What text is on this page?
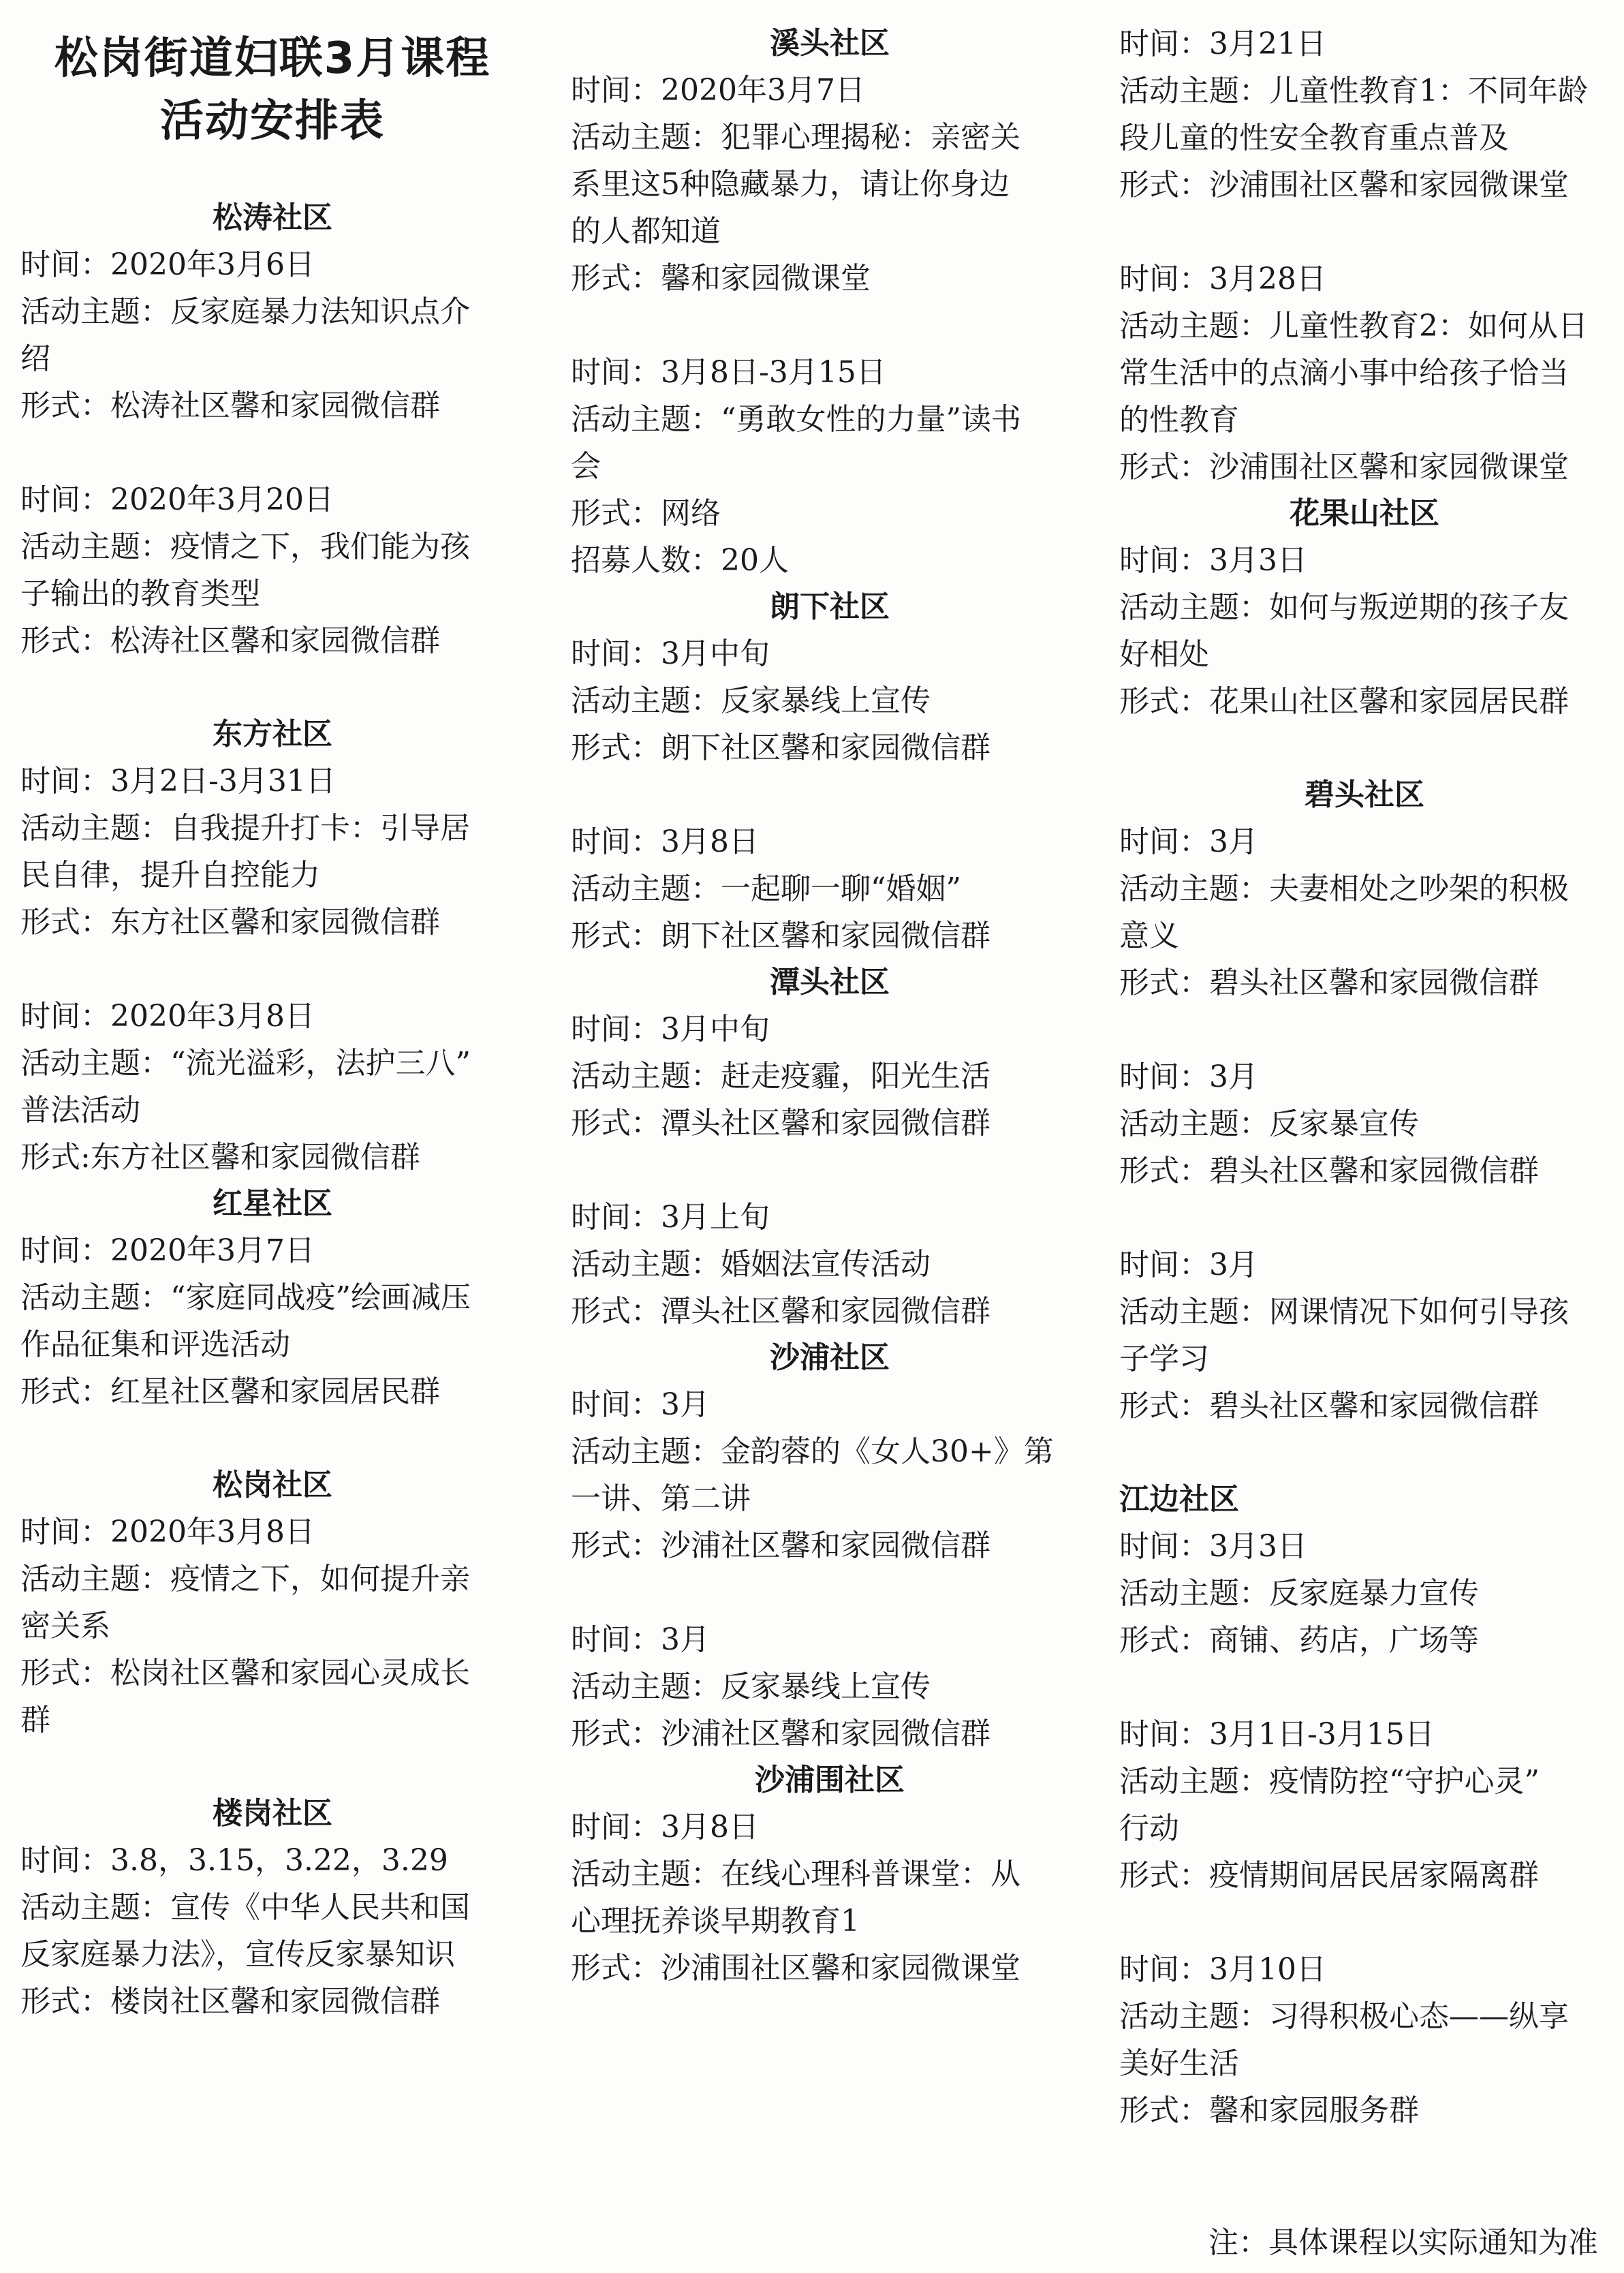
松岗街道妇联3月课程
活动安排表
松涛社区
时间：2020年3月6日
活动主题：反家庭暴力法知识点介
绍
形式：松涛社区馨和家园微信群
时间：2020年3月20日
活动主题：疫情之下，我们能为孩
子输出的教育类型
形式：松涛社区馨和家园微信群
东方社区
时间：3月2日-3月31日
活动主题：自我提升打卡：引导居
民自律，提升自控能力
形式：东方社区馨和家园微信群
时间：2020年3月8日
活动主题：“流光溢彩，法护三八”
普法活动
形式:东方社区馨和家园微信群
红星社区
时间：2020年3月7日
活动主题：“家庭同战疫”绘画减压
作品征集和评选活动
形式：红星社区馨和家园居民群
松岗社区
时间：2020年3月8日
活动主题：疫情之下，如何提升亲
密关系
形式：松岗社区馨和家园心灵成长
群
楼岗社区
时间：3.8，3.15，3.22，3.29
活动主题：宣传《中华人民共和国
反家庭暴力法》，宣传反家暴知识
形式：楼岗社区馨和家园微信群
溪头社区
时间：2020年3月7日
活动主题：犯罪心理揭秘：亲密关
系里这5种隐藏暴力，请让你身边
的人都知道
形式：馨和家园微课堂
时间：3月8日-3月15日
活动主题：“勇敢女性的力量”读书
会
形式：网络
招募人数：20人
朗下社区
时间：3月中旬
活动主题：反家暴线上宣传
形式：朗下社区馨和家园微信群
时间：3月8日
活动主题：一起聊一聊“婚姻”
形式：朗下社区馨和家园微信群
潭头社区
时间：3月中旬
活动主题：赶走疫霾，阳光生活
形式：潭头社区馨和家园微信群
时间：3月上旬
活动主题：婚姻法宣传活动
形式：潭头社区馨和家园微信群
沙浦社区
时间：3月
活动主题：金韵蓉的《女人30+》第
一讲、第二讲
形式：沙浦社区馨和家园微信群
时间：3月
活动主题：反家暴线上宣传
形式：沙浦社区馨和家园微信群
沙浦围社区
时间：3月8日
活动主题：在线心理科普课堂：从
心理抚养谈早期教育1
形式：沙浦围社区馨和家园微课堂
时间：3月21日
活动主题：儿童性教育1：不同年龄
段儿童的性安全教育重点普及
形式：沙浦围社区馨和家园微课堂
时间：3月28日
活动主题：儿童性教育2：如何从日
常生活中的点滴小事中给孩子恰当
的性教育
形式：沙浦围社区馨和家园微课堂
花果山社区
时间：3月3日
活动主题：如何与叛逆期的孩子友
好相处
形式：花果山社区馨和家园居民群
碧头社区
时间：3月
活动主题：夫妻相处之吵架的积极
意义
形式：碧头社区馨和家园微信群
时间：3月
活动主题：反家暴宣传
形式：碧头社区馨和家园微信群
时间：3月
活动主题：网课情况下如何引导孩
子学习
形式：碧头社区馨和家园微信群
江边社区
时间：3月3日
活动主题：反家庭暴力宣传
形式：商铺、药店，广场等
时间：3月1日-3月15日
活动主题：疫情防控“守护心灵”
行动
形式：疫情期间居民居家隔离群
时间：3月10日
活动主题：习得积极心态——纵享
美好生活
形式：馨和家园服务群
注：具体课程以实际通知为准
